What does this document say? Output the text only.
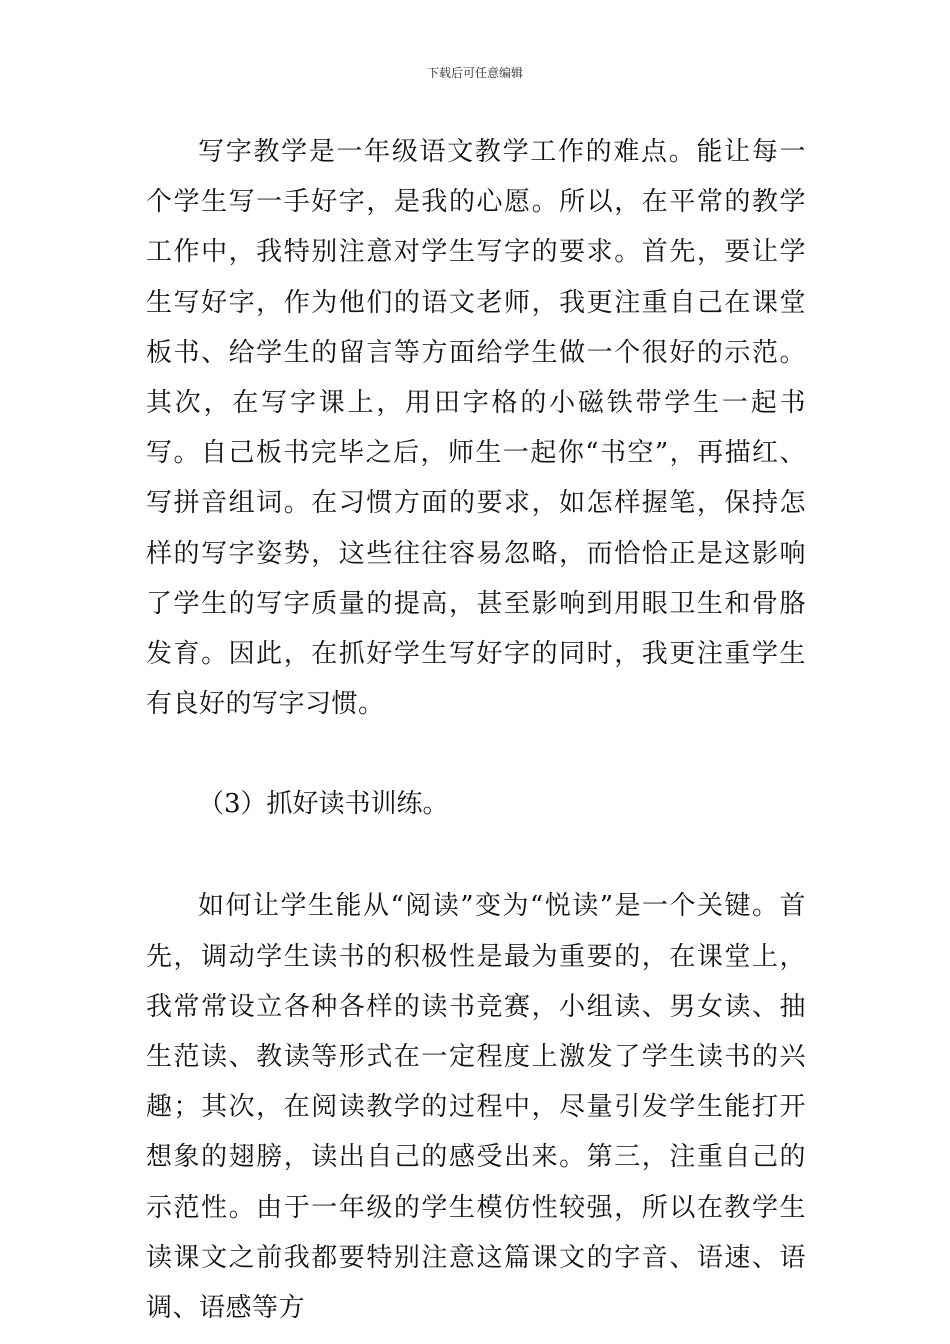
下载后可任意编辑

写字教学是一年级语文教学工作的难点。能让每一个学生写一手好字，是我的心愿。所以，在平常的教学工作中，我特别注意对学生写字的要求。首先，要让学生写好字，作为他们的语文老师，我更注重自己在课堂板书、给学生的留言等方面给学生做一个很好的示范。其次，在写字课上，用田字格的小磁铁带学生一起书写。自己板书完毕之后，师生一起你“书空”，再描红、写拼音组词。在习惯方面的要求，如怎样握笔，保持怎样的写字姿势，这些往往容易忽略，而恰恰正是这影响了学生的写字质量的提高，甚至影响到用眼卫生和骨胳发育。因此，在抓好学生写好字的同时，我更注重学生有良好的写字习惯。

（3）抓好读书训练。

如何让学生能从“阅读”变为“悦读”是一个关键。首先，调动学生读书的积极性是最为重要的，在课堂上，我常常设立各种各样的读书竞赛，小组读、男女读、抽生范读、教读等形式在一定程度上激发了学生读书的兴趣；其次，在阅读教学的过程中，尽量引发学生能打开想象的翅膀，读出自己的感受出来。第三，注重自己的示范性。由于一年级的学生模仿性较强，所以在教学生读课文之前我都要特别注意这篇课文的字音、语速、语调、语感等方
